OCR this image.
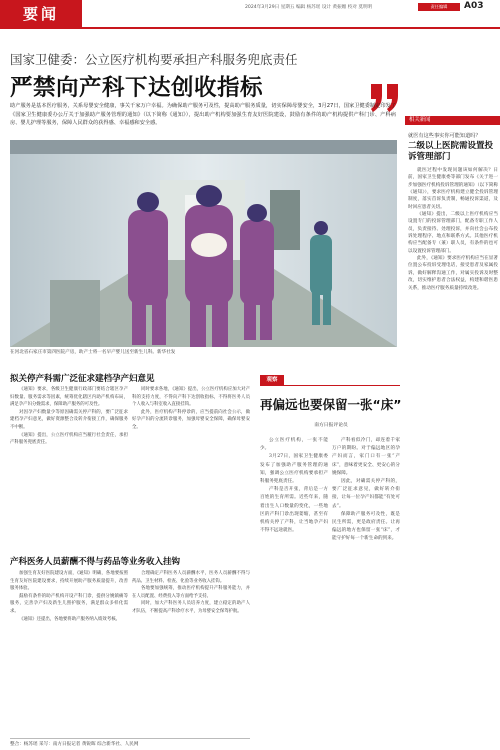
要闻	2024年3月29日 星期五 编辑 杨苏瑶 设计 黄振媚 校对 莫明明	责任编辑	A03
国家卫健委：公立医疗机构要承担产科服务兜底责任
严禁向产科下达创收指标
助产服务是基本医疗服务，关系母婴安全健康，事关千家万户幸福。为确保助产服务可及性，提高助产服务质量，切实保障母婴安全，3月27日，国家卫健委制定印发了《国家卫生健康委办公厅关于加强助产服务管理的通知》（以下简称《通知》），提出助产机构要加强生育友好医院建设，鼓励有条件的助产机构提供产科门诊、产科病房、婴儿护理等服务，保障人民群众的获得感、幸福感和安全感。
在河北省石家庄市第四医院产房，助产士将一名早产婴儿送至新生儿科。新华社发
相关新闻
就医有这些事实你可能知道吗？
二级以上医院需设置投诉管理部门

就医过程中发现问题该如何解决？日前，国家卫生健康委等部门发布《关于进一步加强医疗机构投诉管理的通知》（以下简称《通知》），要求医疗机构建立健全投诉管理制度，落实首诉负责制，畅通投诉渠道，及时回应患者关切。

《通知》提出，二级以上医疗机构应当设置专门的投诉管理部门，配备专职工作人员，负责接待、处理投诉，并向社会公布投诉处理程序、地点和联系方式。其他医疗机构应当配备专（兼）职人员，有条件的也可以设置投诉管理部门。

此外，《通知》要求医疗机构应当在显著位置公布投诉受理电话，接受患者及家属投诉，做好解释沟通工作，对属实投诉及时整改，切实维护患者合法权益，构建和谐医患关系，推动医疗服务质量持续改进。

拟关停产科需广泛征求建档孕产妇意见

《通知》要求，各级卫生健康行政部门要结合辖区孕产妇数量、服务需求等因素，统筹优化辖区内助产机构布局，满足孕产妇分娩需求，保障助产服务的可及性。

对因孕产妇数量少等原因确需关停产科的，要广泛征求建档孕产妇意见，做好资源整合及转介衔接工作，确保服务不中断。

《通知》提出，公立医疗机构应当履行社会责任，承担产科服务兜底责任。

同时要求各地，《通知》提出，公立医疗机构应加大对产科的支持力度，不得向产科下达创收指标，不得将医务人员个人收入与科室收入直接挂钩。

此外，医疗机构产科停诊的，应当提前向社会公示，做好孕产妇的分流转诊服务，加强母婴安全保障，确保母婴安全。

产科医务人员薪酬不得与药品等业务收入挂钩

加强生育友好医院建设方面，《通知》明确，各地要按照生育友好医院建设要求，持续开展助产服务质量提升，改善服务体验。

鼓励有条件的助产机构开设产科门诊，提供分娩镇痛等服务，完善孕产妇及新生儿照护服务，满足群众多样化需求。

《通知》还提出，各地要将助产服务纳入绩效考核。

合理确定产科医务人员薪酬水平，医务人员薪酬不得与药品、卫生材料、检查、化验等业务收入挂钩。

各地要加强统筹，推动医疗机构提升产科服务能力，并在人员配置、经费投入等方面给予支持。

同时，加大产科医务人员培养力度，建立稳定的助产人才队伍，不断提高产科诊疗水平，为母婴安全保驾护航。

整合：杨苏瑶 采写：南方日报记者 黄锐晖 综合新华社、人民网
观察
再偏远也要保留一张“床”
南方日报评论员

公立医疗机构，一张不能少。

3月27日，国家卫生健康委发布了加强助产服务管理的通知，强调公立医疗机构要承担产科服务兜底责任。

产科是否开张，背后是一方百姓的生育所需。近些年来，随着出生人口数量的变化，一些地区的产科门诊出现萎缩，甚至有机构关停了产科，让当地孕产妇不得不远途就医。

产科看似冷门，却连着千家万户的期盼。对于偏远地区的孕产妇而言，家门口有一张“产床”，意味着更安全、更安心的分娩保障。

因此，对确需关停产科的，要广泛征求意见，做好转介衔接，让每一位孕产妇都能“有处可去”。

保障助产服务可及性，既是民生所需，更是政府责任。让再偏远的地方也保留一张“床”，才能守护好每一个新生命的到来。
